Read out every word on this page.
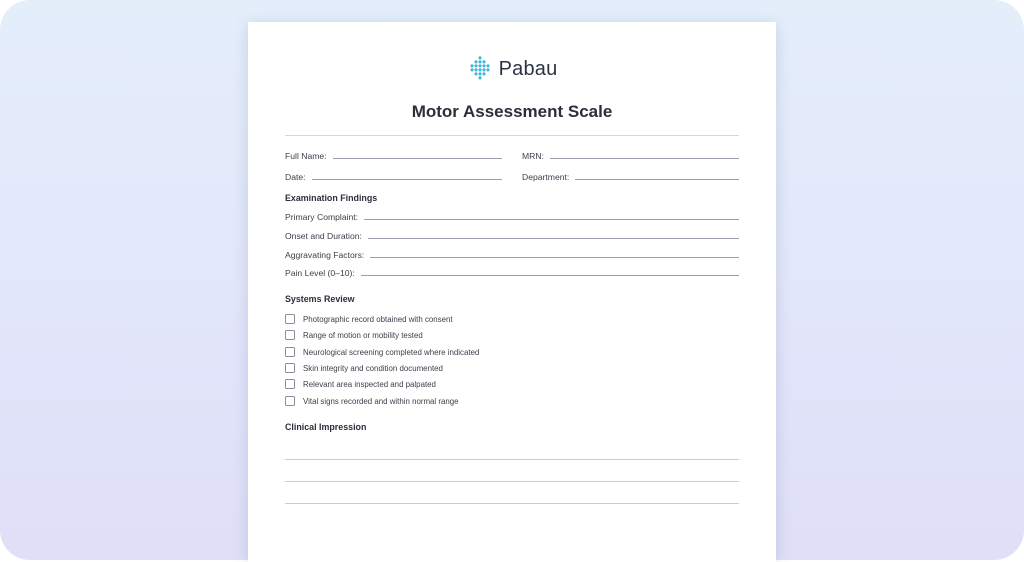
Pabau
Motor Assessment Scale
Full Name:	MRN:
Date:	Department:
Examination Findings
Primary Complaint:
Onset and Duration:
Aggravating Factors:
Pain Level (0–10):
Systems Review
Photographic record obtained with consent
Range of motion or mobility tested
Neurological screening completed where indicated
Skin integrity and condition documented
Relevant area inspected and palpated
Vital signs recorded and within normal range
Clinical Impression
